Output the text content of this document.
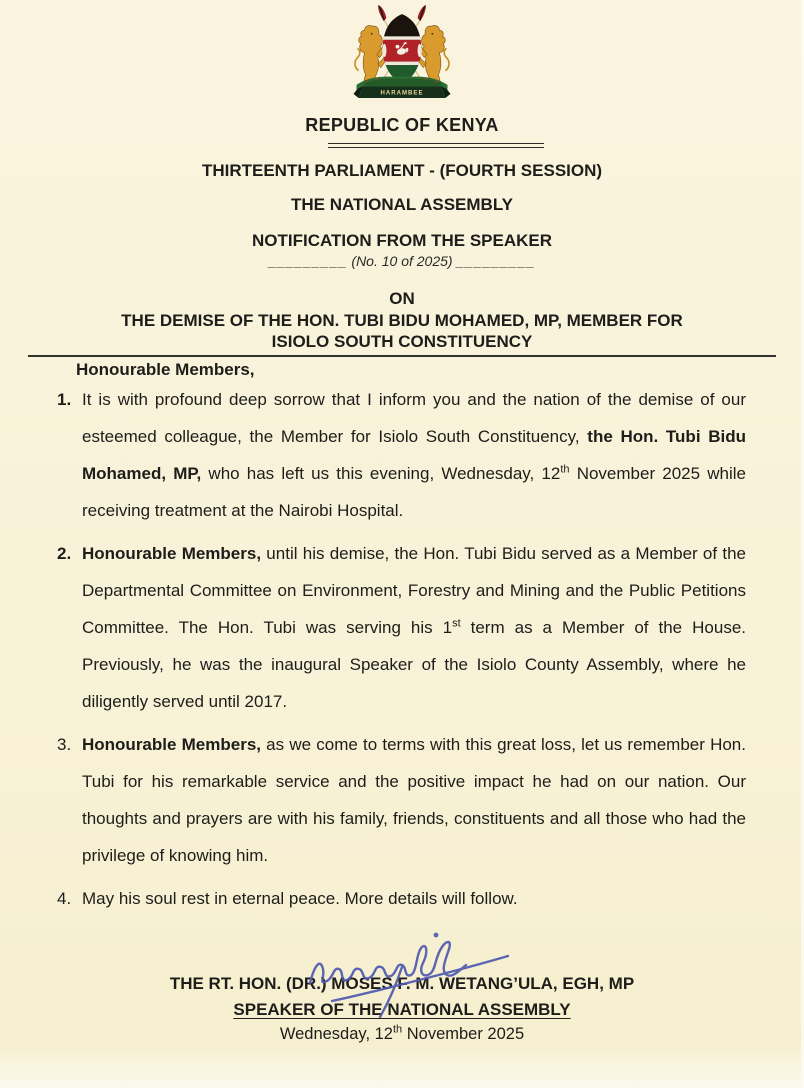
HARAMBEE
REPUBLIC OF KENYA
THIRTEENTH PARLIAMENT - (FOURTH SESSION)
THE NATIONAL ASSEMBLY
NOTIFICATION FROM THE SPEAKER
_________ (No. 10 of 2025) _________
ON
THE DEMISE OF THE HON. TUBI BIDU MOHAMED, MP, MEMBER FOR ISIOLO SOUTH CONSTITUENCY
Honourable Members,
1. It is with profound deep sorrow that I inform you and the nation of the demise of our esteemed colleague, the Member for Isiolo South Constituency, the Hon. Tubi Bidu Mohamed, MP, who has left us this evening, Wednesday, 12th November 2025 while receiving treatment at the Nairobi Hospital.
2. Honourable Members, until his demise, the Hon. Tubi Bidu served as a Member of the Departmental Committee on Environment, Forestry and Mining and the Public Petitions Committee. The Hon. Tubi was serving his 1st term as a Member of the House. Previously, he was the inaugural Speaker of the Isiolo County Assembly, where he diligently served until 2017.
3. Honourable Members, as we come to terms with this great loss, let us remember Hon. Tubi for his remarkable service and the positive impact he had on our nation. Our thoughts and prayers are with his family, friends, constituents and all those who had the privilege of knowing him.
4. May his soul rest in eternal peace. More details will follow.
THE RT. HON. (DR.) MOSES F. M. WETANG’ULA, EGH, MP
SPEAKER OF THE NATIONAL ASSEMBLY
Wednesday, 12th November 2025
